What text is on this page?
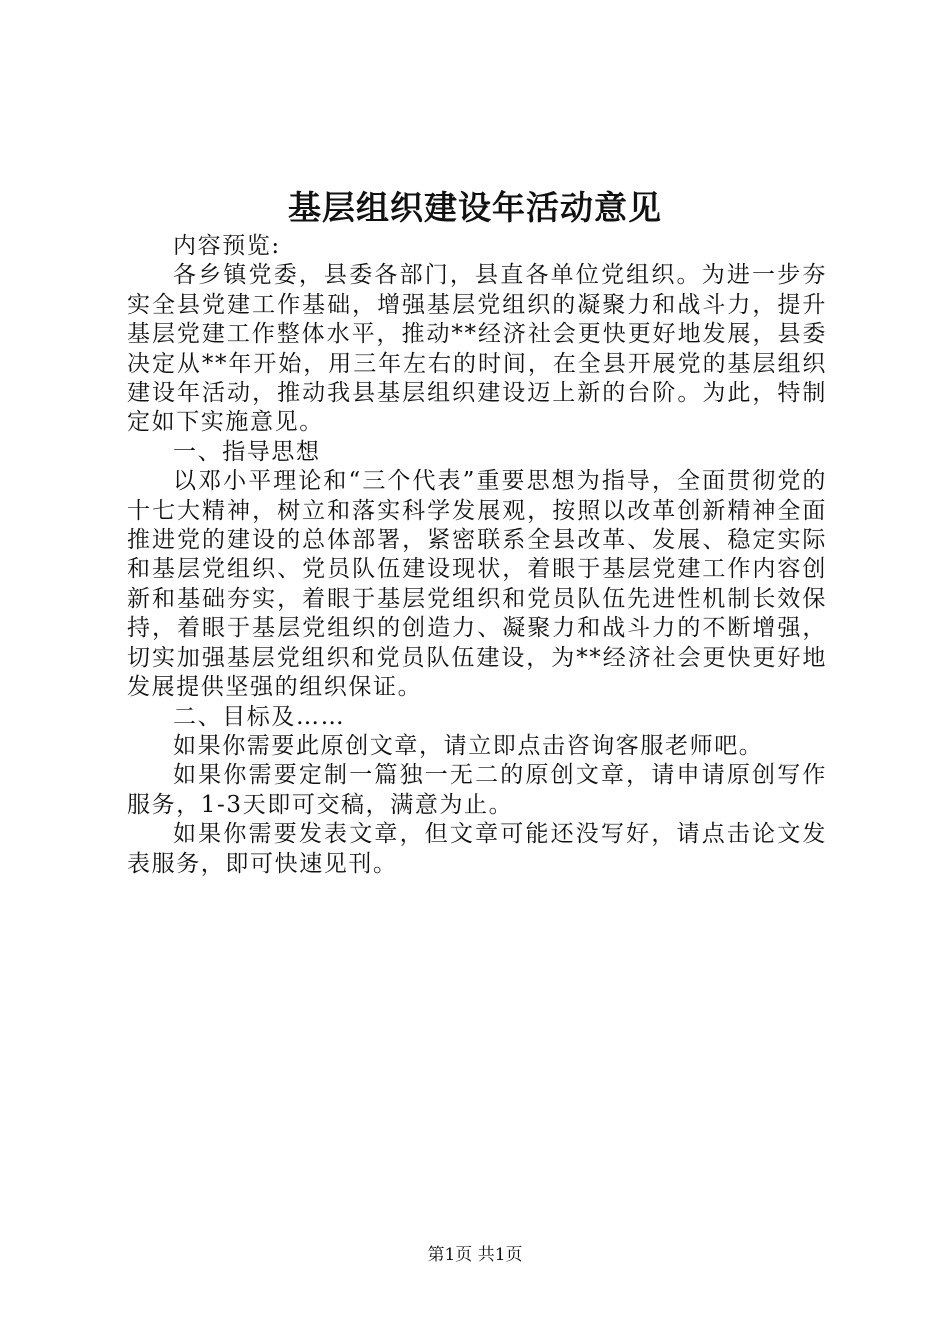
基层组织建设年活动意见

内容预览:

各乡镇党委，县委各部门，县直各单位党组织。为进一步夯实全县党建工作基础，增强基层党组织的凝聚力和战斗力，提升基层党建工作整体水平，推动**经济社会更快更好地发展，县委决定从**年开始，用三年左右的时间，在全县开展党的基层组织建设年活动，推动我县基层组织建设迈上新的台阶。为此，特制定如下实施意见。

一、指导思想

以邓小平理论和“三个代表”重要思想为指导，全面贯彻党的十七大精神，树立和落实科学发展观，按照以改革创新精神全面推进党的建设的总体部署，紧密联系全县改革、发展、稳定实际和基层党组织、党员队伍建设现状，着眼于基层党建工作内容创新和基础夯实，着眼于基层党组织和党员队伍先进性机制长效保持，着眼于基层党组织的创造力、凝聚力和战斗力的不断增强，切实加强基层党组织和党员队伍建设，为**经济社会更快更好地发展提供坚强的组织保证。

二、目标及……

如果你需要此原创文章，请立即点击咨询客服老师吧。

如果你需要定制一篇独一无二的原创文章，请申请原创写作服务，1-3天即可交稿，满意为止。

如果你需要发表文章，但文章可能还没写好，请点击论文发表服务，即可快速见刊。

第1页 共1页
